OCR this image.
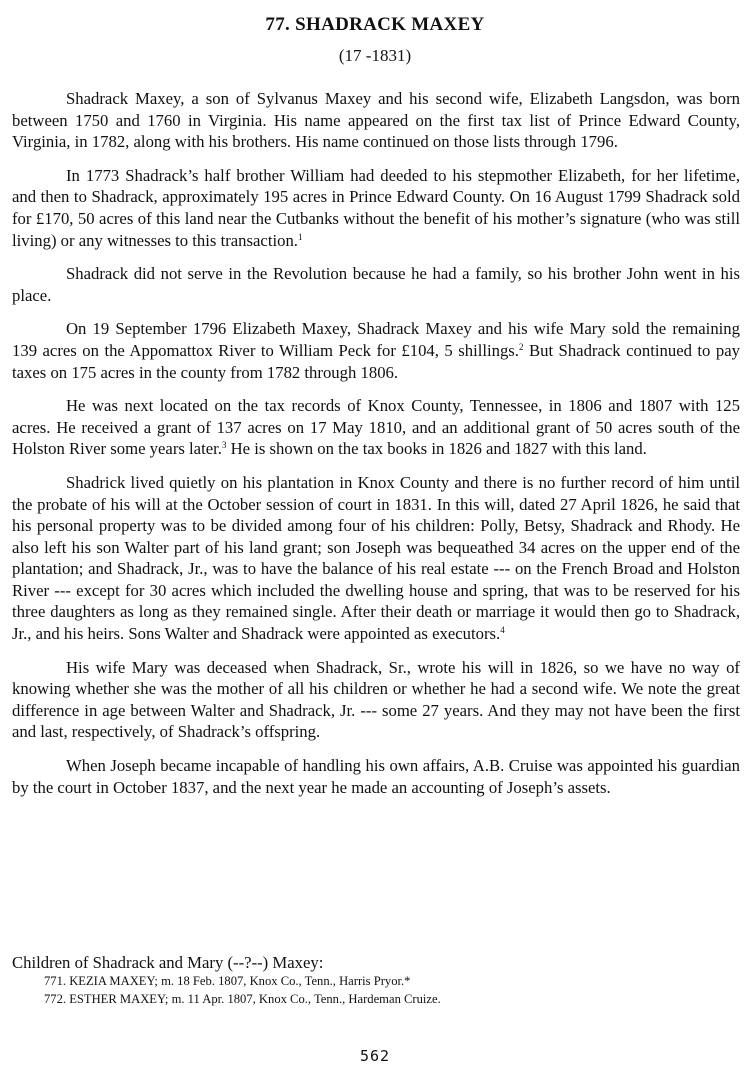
77. SHADRACK MAXEY
(17 -1831)

Shadrack Maxey, a son of Sylvanus Maxey and his second wife, Elizabeth Langsdon, was born between 1750 and 1760 in Virginia. His name appeared on the first tax list of Prince Edward County, Virginia, in 1782, along with his brothers. His name continued on those lists through 1796.

In 1773 Shadrack’s half brother William had deeded to his stepmother Elizabeth, for her lifetime, and then to Shadrack, approximately 195 acres in Prince Edward County. On 16 August 1799 Shadrack sold for £170, 50 acres of this land near the Cutbanks without the benefit of his mother’s signature (who was still living) or any witnesses to this transaction.$^1$

Shadrack did not serve in the Revolution because he had a family, so his brother John went in his place.

On 19 September 1796 Elizabeth Maxey, Shadrack Maxey and his wife Mary sold the remaining 139 acres on the Appomattox River to William Peck for £104, 5 shillings.$^2$ But Shadrack continued to pay taxes on 175 acres in the county from 1782 through 1806.

He was next located on the tax records of Knox County, Tennessee, in 1806 and 1807 with 125 acres. He received a grant of 137 acres on 17 May 1810, and an additional grant of 50 acres south of the Holston River some years later.$^3$ He is shown on the tax books in 1826 and 1827 with this land.

Shadrick lived quietly on his plantation in Knox County and there is no further record of him until the probate of his will at the October session of court in 1831. In this will, dated 27 April 1826, he said that his personal property was to be divided among four of his children: Polly, Betsy, Shadrack and Rhody. He also left his son Walter part of his land grant; son Joseph was bequeathed 34 acres on the upper end of the plantation; and Shadrack, Jr., was to have the balance of his real estate --- on the French Broad and Holston River --- except for 30 acres which included the dwelling house and spring, that was to be reserved for his three daughters as long as they remained single. After their death or marriage it would then go to Shadrack, Jr., and his heirs. Sons Walter and Shadrack were appointed as executors.$^4$

His wife Mary was deceased when Shadrack, Sr., wrote his will in 1826, so we have no way of knowing whether she was the mother of all his children or whether he had a second wife. We note the great difference in age between Walter and Shadrack, Jr. --- some 27 years. And they may not have been the first and last, respectively, of Shadrack’s offspring.

When Joseph became incapable of handling his own affairs, A.B. Cruise was appointed his guardian by the court in October 1837, and the next year he made an accounting of Joseph’s assets.

Children of Shadrack and Mary (--?--) Maxey:

771. KEZIA MAXEY; m. 18 Feb. 1807, Knox Co., Tenn., Harris Pryor.*

772. ESTHER MAXEY; m. 11 Apr. 1807, Knox Co., Tenn., Hardeman Cruize.

562
